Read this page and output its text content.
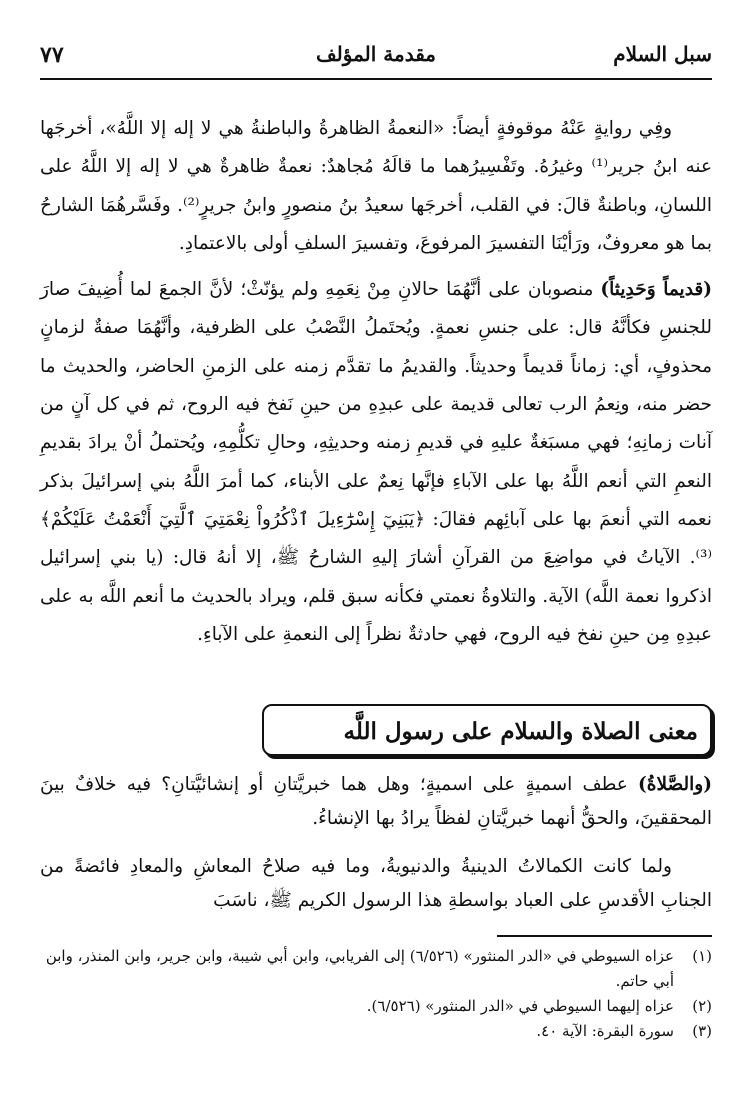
سبل السلام
مقدمة المؤلف
٧٧

وفِي روايةٍ عَنْهُ موقوفةٍ أيضاً: «النعمةُ الظاهرةُ والباطنةُ هي لا إله إلا اللَّهُ»، أخرجَها عنه ابنُ جرير⁽¹⁾ وغيرُهُ. وتَفْسِيرُهما ما قالَهُ مُجاهدٌ: نعمةٌ ظاهرةٌ هي لا إله إلا اللَّهُ على اللسانِ، وباطنةٌ قالَ: في القلب، أخرجَها سعيدُ بنُ منصورٍ وابنُ جريرٍ⁽²⁾. وفَسَّرهُمَا الشارحُ بما هو معروفٌ، ورَأيْنَا التفسيرَ المرفوعَ، وتفسيرَ السلفِ أولى بالاعتمادِ.

(قديماً وَحَدِيثاً) منصوبان على أنَّهُمَا حالانِ مِنْ نِعَمِهِ ولم يؤنّثْ؛ لأنَّ الجمعَ لما أُضِيفَ صارَ للجنسِ فكأنَّهُ قال: على جنسِ نعمةٍ. ويُحتَملُ النَّصْبُ على الظرفية، وأنَّهُمَا صفةٌ لزمانٍ محذوفٍ، أي: زماناً قديماً وحديثاً. والقديمُ ما تقدَّم زمنه على الزمنِ الحاضر، والحديث ما حضر منه، ونِعمُ الرب تعالى قديمة على عبدِهِ من حينِ نَفخ فيه الروح، ثم في كل آنٍ من آنات زمانِهِ؛ فهي مسبَغةٌ عليهِ في قديمِ زمنه وحديثِهِ، وحالِ تكلُّمِهِ، ويُحتملُ أنْ يرادَ بقديمِ النعمِ التي أنعم اللَّهُ بها على الآباءِ فإنَّها نِعمٌ على الأبناء، كما أمرَ اللَّهُ بني إسرائيلَ بذكر نعمه التي أنعمَ بها على آبائِهم فقالَ: ﴿يَبَنِيٓ إِسْرَٰٓءِيلَ ٱذْكُرُواْ نِعْمَتِيَ ٱلَّتِيٓ أَنْعَمْتُ عَلَيْكُمْ﴾⁽³⁾. الآياتُ في مواضِعَ من القرآنِ أشارَ إليهِ الشارحُ ﷺ، إلا أنهُ قال: (يا بني إسرائيل اذكروا نعمة اللَّه) الآية. والتلاوةُ نعمتي فكأنه سبق قلم، ويراد بالحديث ما أنعم اللَّه به على عبدِهِ مِن حينِ نفخ فيه الروح، فهي حادثةٌ نظراً إلى النعمةِ على الآباءِ.

معنى الصلاة والسلام على رسول اللَّه

(والصَّلاةُ) عطف اسميةٍ على اسميةٍ؛ وهل هما خبريَّتانِ أو إنشائيَّتانِ؟ فيه خلافٌ بينَ المحققينَ، والحقُّ أنهما خبريَّتانِ لفظاً يرادُ بها الإنشاءُ.

ولما كانت الكمالاتُ الدينيةُ والدنيويةُ، وما فيه صلاحُ المعاشِ والمعادِ فائضةً من الجنابِ الأقدسِ على العباد بواسطةِ هذا الرسول الكريم ﷺ، ناسَبَ

(١)
عزاه السيوطي في «الدر المنثور» (٦/٥٢٦) إلى الفريابي، وابن أبي شيبة، وابن جرير، وابن المنذر، وابن أبي حاتم.
(٢)
عزاه إليهما السيوطي في «الدر المنثور» (٦/٥٢٦).
(٣)
سورة البقرة: الآية ٤٠.
